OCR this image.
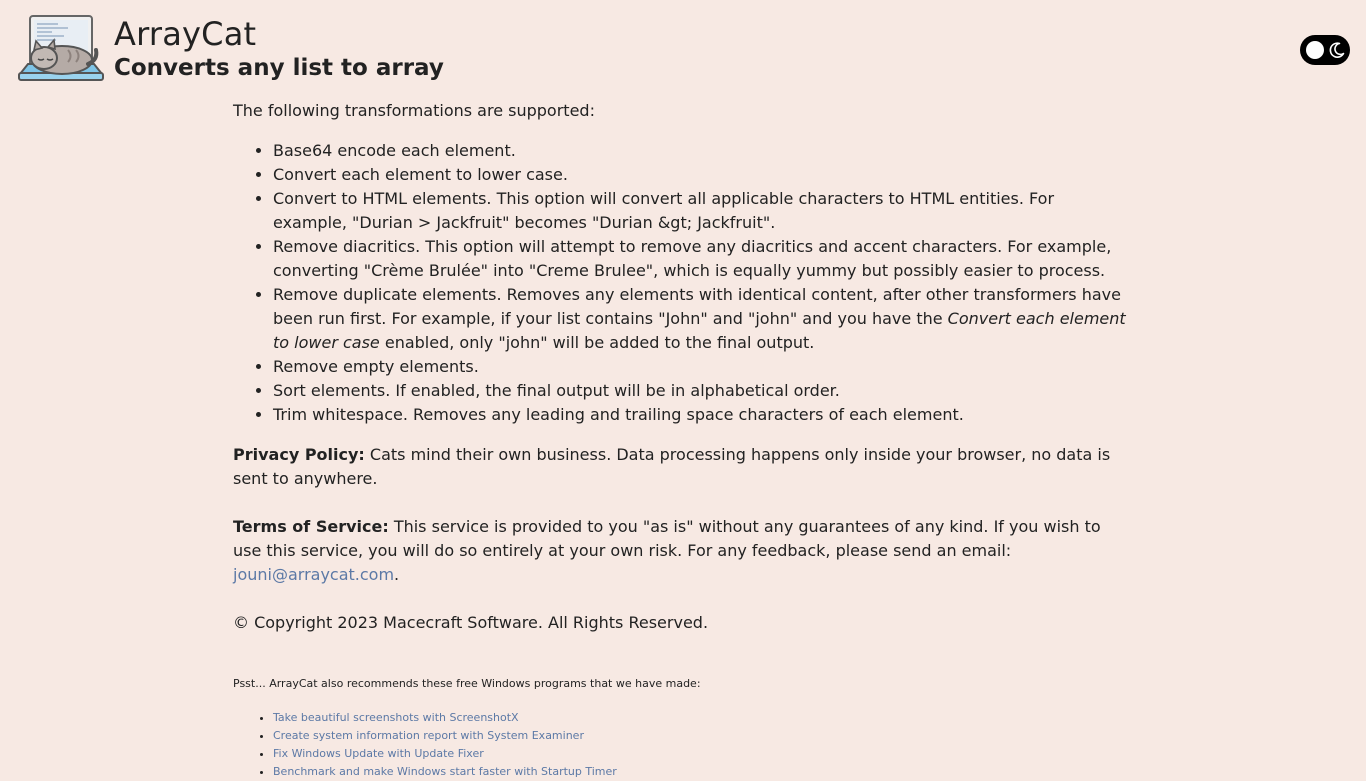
ArrayCat
Converts any list to array

The following transformations are supported:

• Base64 encode each element.
• Convert each element to lower case.
• Convert to HTML elements. This option will convert all applicable characters to HTML entities. For example, "Durian > Jackfruit" becomes "Durian &gt; Jackfruit".
• Remove diacritics. This option will attempt to remove any diacritics and accent characters. For example, converting "Crème Brulée" into "Creme Brulee", which is equally yummy but possibly easier to process.
• Remove duplicate elements. Removes any elements with identical content, after other transformers have been run first. For example, if your list contains "John" and "john" and you have the Convert each element to lower case enabled, only "john" will be added to the final output.
• Remove empty elements.
• Sort elements. If enabled, the final output will be in alphabetical order.
• Trim whitespace. Removes any leading and trailing space characters of each element.

Privacy Policy: Cats mind their own business. Data processing happens only inside your browser, no data is sent to anywhere.

Terms of Service: This service is provided to you "as is" without any guarantees of any kind. If you wish to use this service, you will do so entirely at your own risk. For any feedback, please send an email: jouni@arraycat.com.

© Copyright 2023 Macecraft Software. All Rights Reserved.

Psst... ArrayCat also recommends these free Windows programs that we have made:

• Take beautiful screenshots with ScreenshotX
• Create system information report with System Examiner
• Fix Windows Update with Update Fixer
• Benchmark and make Windows start faster with Startup Timer
